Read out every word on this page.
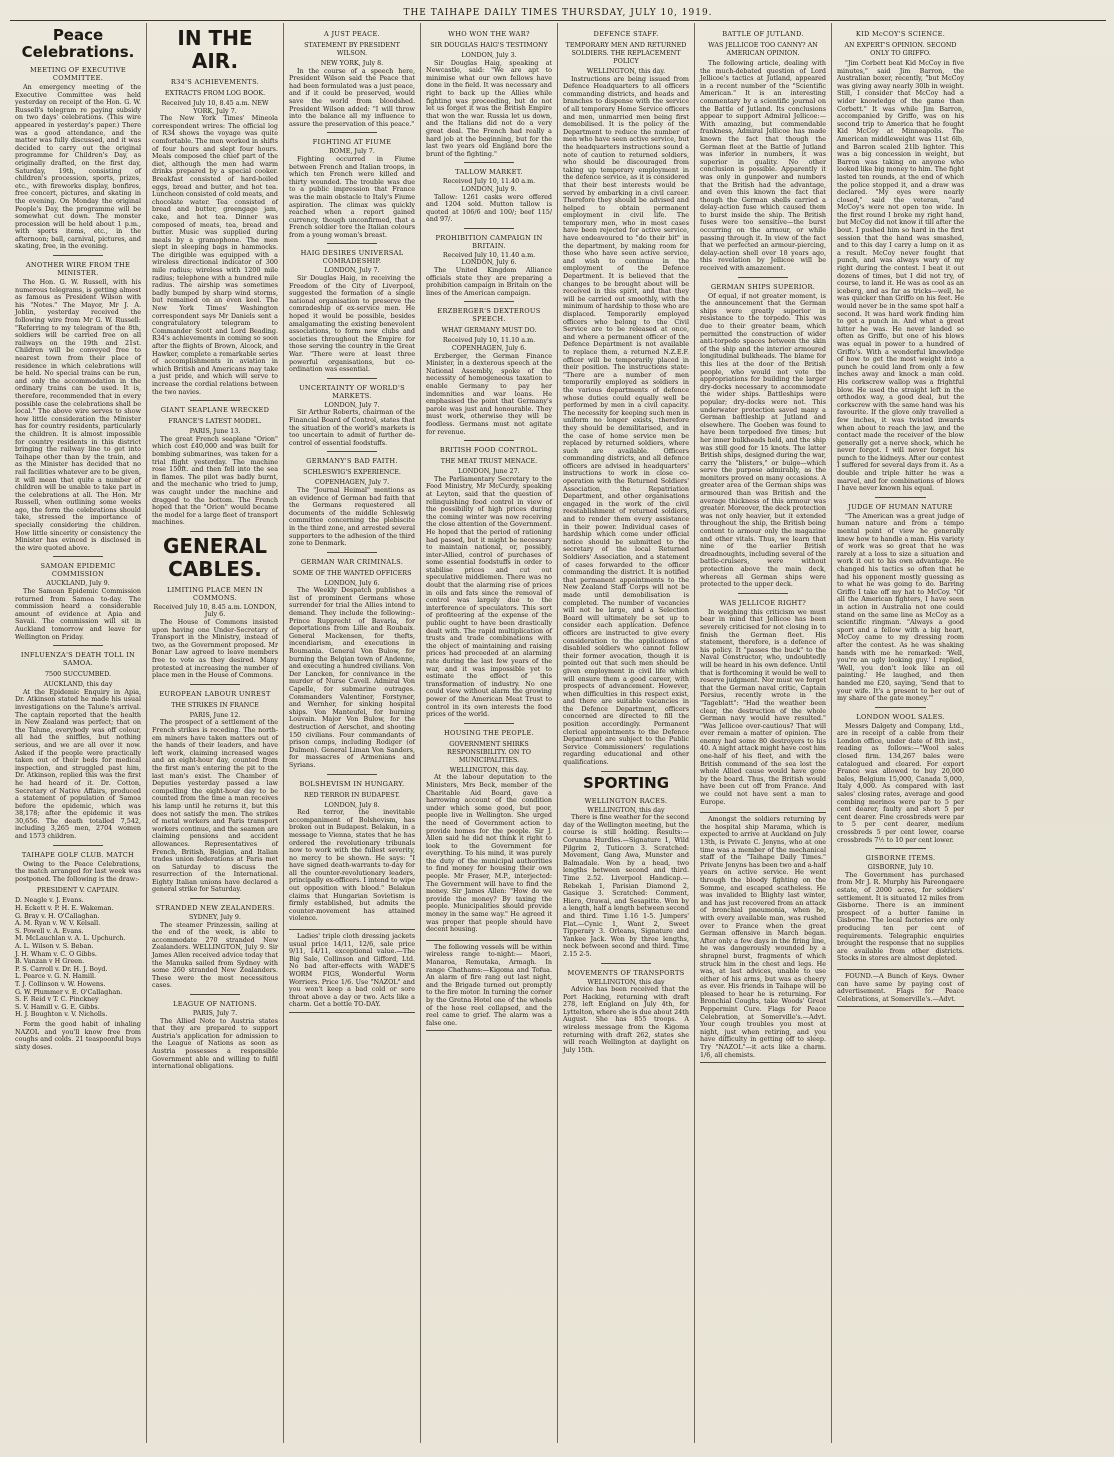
THE TAIHAPE DAILY TIMES THURSDAY, JULY 10, 1919.
Peace Celebrations.
MEETING OF EXECUTIVE COMMITTEE.

An emergency meeting of the Executive Committee was held yesterday on receipt of the Hon. G. W. Russell's telegram re paying subsidy on two days' celebrations. (This wire appeared in yesterday's paper.) There was a good attendance, and the matter was fully discussed, and it was decided to carry out the original programme for Children's Day, as originally drafted, on the first day, Saturday, 19th, consisting of children's procession, sports, prizes, etc., with fireworks display, bonfires, free concert, pictures, and skating in the evening. On Monday the original People's Day, the programme will be somewhat cut down. The monster procession will be held about 1 p.m., with sports items, etc., in the afternoon; ball, carnival, pictures, and skating, free, in the evening.

ANOTHER WIRE FROM THE MINISTER.

The Hon. G. W. Russell, with his numerous telegrams, is getting almost as famous as President Wilson with his "Notes." The Mayor, Mr J. A. Joblin, yesterday received the following wire from Mr G. W. Russell: "Referring to my telegram of the 8th, soldiers will be carried free on all railways on the 19th and 21st. Children will be conveyed free to nearest town from their place of residence in which celebrations will be held. No special trains can be run, and only the accommodation in the ordinary trains can be used. It is, therefore, recommended that in every possible case the celebrations shall be local." The above wire serves to show how little consideration the Minister has for country residents, particularly the children. It is almost impossible for country residents in this district bringing the railway line to get into Taihape other than by the train, and as the Minister has decided that no rail facilities whatever are to be given, it will mean that quite a number of children will be unable to take part in the celebrations at all. The Hon. Mr Russell, when outlining some weeks ago, the form the celebrations should take, stressed the importance of specially considering the children. How little sincerity or consistency the Minister has evinced is disclosed in the wire quoted above.

SAMOAN EPIDEMIC COMMISSION
AUCKLAND, July 9.

The Samoan Epidemic Commission returned from Samoa to-day. The commission heard a considerable amount of evidence at Apia and Savaii. The commission will sit in Auckland tomorrow and leave for Wellington on Friday.

INFLUENZA'S DEATH TOLL IN SAMOA.
7500 SUCCUMBED.
AUCKLAND, this day

At the Epidemic Enquiry in Apia, Dr. Atkinson stated he made his usual investigations on the Talune's arrival. The captain reported that the health in New Zealand was perfect; that on the Talune, everybody was off colour, all had the sniffles, but nothing serious, and we are all over it now. Asked if the people were practically taken out of their beds for medical inspection, and struggled past him, Dr. Atkinson, replied this was the first he had heard of it. Dr. Cotton, Secretary of Native Affairs, produced a statement of population of Samoa before the epidemic, which was 38,178; after the epidemic it was 30,656. The death totalled 7,542, including 3,265 men, 2704 women and 1573 children.

TAIHAPE GOLF CLUB. MATCH

Owing to the Peace Celebrations, the match arranged for last week was postponed. The following is the draw:-

PRESIDENT V. CAPTAIN.
D. Neagle v. J. Evans.
H. Eckett v. P. H. E. Wakeman.
G. Bray v. H. O'Callaghan.
A. M. Ryan v. W. V. Kelsall.
S. Powell v. A. Evans.
M. McLauchlan v. A. L. Upchurch.
A. L. Wilson v. S. Beban.
J. H. Wham v. C. O Gibbs.
B. Vanzan v H Green.
P. S. Carroll v. Dr. H. J. Boyd.
L. Pearce v. G. N. Hamill.
T. J. Collinson v. W. Howens.
G. W. Plummer v. E. O'Callaghan.
S. F. Reid v T. C. Pinckney
S. V. Hamill v. G. E. Gibbs.
H. J. Boughton v. V. Nicholls.

Form the good habit of inhaling NAZOL and you'll know free from coughs and colds. 21 teaspoonful buys sixty doses.

IN THE AIR.
R34'S ACHIEVEMENTS.
EXTRACTS FROM LOG BOOK.
Received July 10, 8.45 a.m. NEW YORK, July 7.

The New York Times' Mineola correspondent wrires: The official log of R34 shows the voyage was quite comfortable. The men worked in shifts of four hours and slept four hours. Meals composed the chief part of the diet, although the men had warm drinks prepared by a special cooker. Breakfast consisted of hard-boiled eggs, bread and butter, and hot tea. Luncheon consisted of cold meats, and chocolate water. Tea consisted of bread and butter, greengage jam, cake, and hot tea. Dinner was composed of meats, tea, bread and butter. Music was supplied during meals by a gramophone. The men slept in sleeping bags in hammocks. The dirigible was equipped with a wireless directional indicator of 300 mile radius; wireless with 1200 mile radius; telephone with a hundred mile radius. The airship was sometimes badly bumped by sharp wind storms, but remained on an even keel. The New York Times' Washington correspondent says Mr Daniels sent a congratulatory telegram to Commander Scott and Lord Beading. R34's achievements in coming so soon after the flights of Brown, Alcock, and Hawker, complete a remarkable series of accomplishments in aviation in which British and Americans may take a just pride, and which will serve to increase the cordial relations between the two navies.

GIANT SEAPLANE WRECKED
FRANCE'S LATEST MODEL.
PARIS, June 13.

The great French seaplane "Orion" which cost £40,000 and was built for bombing submarines, was taken for a trial flight yesterday. The machine rose 150ft. and then fell into the sea in flames. The pilot was badly burnt, and the mechanic who tried to jump, was caught under the machine and dragged to the bottom. The French hoped that the "Orion" would became the model for a large fleet of transport machines.

GENERAL CABLES.
LIMITING PLACE MEN IN COMMONS.
Received July 10, 8.45 a.m. LONDON, July 6.

The House of Commons insisted upon having one Under-Secretary of Transport in the Ministry, instead of two, as the Government proposed. Mr Bonar Law agreed to leave members free to vote as they desired. Many protested at increasing the number of place men in the House of Commons.

EUROPEAN LABOUR UNREST
THE STRIKES IN FRANCE
PARIS, June 12.

The prospect of a settlement of the French strikes is receding. The north-em miners have taken matters out of the hands of their leaders, and have left work, claiming increased wages and an eight-hour day, counted from the first man's entering the pit to the last man's exist. The Chamber of Deputies yesterday passed a law compelling the eight-hour day to be counted from the time a man receives his lamp until he returns it, but this does not satisfy the men. The strikes of metal workers and Paris transport workers continue, and the seamen are claiming pensions and accident allowances. Representatives of French, British, Belgian, and Italian trades union federations at Paris met on Saturday to discuss the resurrection of the International. Eighty Italian unions have declared a general strike for Saturday.

STRANDED NEW ZEALANDERS.
SYDNEY, July 9.

The steamer Prinzessin, sailing at the end of the week, is able to accommodate 270 stranded New Zealanders. WELLINGTON, July 9. Sir James Allen received advice today that the Manuka sailed from Sydney with some 260 stranded New Zealanders. These were the most necessitous cases.

LEAGUE OF NATIONS.
PARIS, July 7.

The Allied Note to Austria states that they are prepared to support Austria's application for admission to the League of Nations as soon as Austria possesses a responsible Government able and willing to fulfil international obligations.

A JUST PEACE.
STATEMENT BY PRESIDENT WILSON.
NEW YORK, July 8.

In the course of a speech here, President Wilson said the Peace that had been formulated was a just peace, and if it could be preserved, would save the world from bloodshed. President Wilson added: "I will throw into the balance all my influence to assure the preservation of this peace."

FIGHTING AT FIUME
ROME, July 7.

Fighting occurred in Fiume between French and Italian troops, in which ten French were killed and thirty wounded. The trouble was due to a public impression that France was the main obstacle to Italy's Fiume aspiration. The climax was quickly reached when a report gained currency, though unconfirmed, that a French soldier tore the Italian colours from a young woman's breast.

HAIG DESIRES UNIVERSAL COMRADESHIP.
LONDON, July 7.

Sir Douglas Haig, in receiving the Freedom of the City of Liverpool, suggested the formation of a single national organisation to preserve the comradeship of ex-service men. He hoped it would be possible, besides amalgamating the existing benevolent associations, to form new clubs and societies throughout the Empire for those serving the country in the Great War. "There were at least three powerful organisations, but co-ordination was essential.

UNCERTAINTY OF WORLD'S MARKETS.
LONDON, July 7.

Sir Arthur Roberts, chairman of the Financial Board of Control, states that the situation of the world's markets is too uncertain to admit of further de-control of essential foodstuffs.

GERMANY'S BAD FAITH.
SCHLESWIG'S EXPERIENCE.
COPENHAGEN, July 7.

The "Journal Heimal" mentions as an evidence of German bad faith that the Germans requestered all documents of the middle Schleswig committee concerning the plebiscite in the third zone, and arrested several supporters to the adhesion of the third zone to Denmark.

GERMAN WAR CRIMINALS.
SOME OF THE WANTED OFFICERS
LONDON, July 6.

The Weekly Despatch publishes a list of prominent Germans whose surrender for trial the Allies intend to demand. They include the following:- Prince Rupprecht of Bavaria, for deportations from Lille and Roubaix. General Mackensen, for thefts, incendiarism, and executions in Roumania. General Von Bulow, for burning the Belgian town of Andenne, and executing a hundred civilians. Von Der Lancken, for connivance in the murder of Nurse Cavell. Admiral Von Capelle, for submarine outrages. Commanders Valentiner, Forstyner, and Wernher, for sinking hospital ships. Von Manteufel, for burning Louvain. Major Von Bulow, for the destruction of Aerschot, and shooting 150 civilians. Four commandants of prison camps, including Rodiger (of Dulmen). General Liman Von Sanders, for massacres of Armenians and Syrians.

BOLSHEVISM IN HUNGARY.
RED TERROR IN BUDAPEST.
LONDON, July 8.

Red terror, the inevitable accompaniment of Bolshevism, has broken out in Budapest. Belakun, in a message to Vienna, states that he has ordered the revolutionary tribunals now to work with the fullest severity, no mercy to be shown. He says: "I have signed death-warrants to-day for all the counter-revolutionary leaders, principally ex-officers. I intend to wipe out opposition with blood." Belakun claims that Hungarian Sovietism is firmly established, but admits the counter-movement has attained violence.

Ladies' triple cloth dressing jackets usual price 14/11, 12/6, sale price 9/11, 14/11, exceptional value.—The Big Sale, Collinson and Gifford, Ltd. No bad after-effects with WADE'S WORM FIGS, Wonderful Worm Worriers. Price 1/6. Use "NAZOL" and you won't keep a bad cold or sore throat above a day or two. Acts like a charm. Get a bottle TO-DAY.

WHO WON THE WAR?
SIR DOUGLAS HAIG'S TESTIMONY
LONDON, July 3.

Sir Douglas Haig, speaking at Newcastle, said: "We are apt to minimise what our own fellows have done in the field. It was necessary and right to back up the Allies while fighting was proceeding, but do not let us forget it was the British Empire that won the war. Russia let us down, and the Italians did not do a very great deal. The French had really a hard job at the beginning, but for the last two years old England bore the brunt of the fighting."

TALLOW MARKET.
Received July 10, 11.40 a.m. LONDON, July 9.

Tallow: 1261 casks were offered and 1204 sold. Mutton tallow is quoted at 106/6 and 100/; beef 115/ and 97/.

PROHIBITION CAMPAIGN IN BRITAIN.
Received July 10, 11.40 a.m. LONDON, July 6.

The United Kingdom Alliance officials state they are preparing a prohibition campaign in Britain on the lines of the American campaign.

ERZBERGER'S DEXTEROUS SPEECH.
WHAT GERMANY MUST DO.
Received July 10, 11.10 a.m. COPENHAGEN, July 6.

Erzberger, the German Finance Minister, in a dexterous speech at the National Assembly, spoke of the necessity of homogeneous taxation to enable Germany to pay her indemnities and war loans. He emphasised the point that Germany's parole was just and honourable. They must work, otherwise they will be foodless. Germans must not agitate for revenue.

BRITISH FOOD CONTROL.
THE MEAT TRUST MENACE.
LONDON, June 27.

The Parliamentary Secretary to the Food Ministry, Mr McCurdy, speaking at Leyton, said that the question of relinquishing food control in view of the possibility of high prices during the coming winter was now receiving the close attention of the Government. He hoped that the period of rationing had passed, but it might be necessary to maintain national, or, possibly, inter-Allied, control of purchases of some essential foodstuffs in order to stabilise prices and cut out speculative middlemen. There was no doubt that the alarming rise of prices in oils and fats since the removal of control was largely due to the interference of speculators. This sort of profiteering at the expense of the public ought to have been drastically dealt with. The rapid multiplication of trusts and trade combinations with the object of maintaining and raising prices had proceeded at an alarming rate during the last few years of the war, and it was impossible yet to estimate the effect of this transformation of industry. No one could view without alarm the growing power of the American Meat Trust to control in its own interests the food prices of the world.

HOUSING THE PEOPLE.
GOVERNMENT SHIRKS RESPONSIBILITY. ON TO MUNICIPALITIES.
WELLINGTON, this day.

At the labour deputation to the Ministers, Mrs Beck, member of the Charitable Aid Board, gave a harrowing account of the condition under which some good, but poor, people live in Wellington. She urged the need of Government action to provide homes for the people. Sir J. Allen said he did not think it right to look to the Government for everything. To his mind, it was purely the duty of the municipal authorities to find money for housing their own people. Mr Fraser, M.P., interjected: The Government will have to find the money. Sir James Allen: "How do we provide the money? By taxing the people. Municipalities should provide money in the same way." He agreed it was proper that people should have decent housing.

The following vessels will be within wireless range to-night:— Maori, Manaroa, Remutaka, Armagh. In range Chathams:—Kigoma and Tofua. An alarm of fire rang out last night, and the Brigade turned out promptly to the fire motor. In turning the corner by the Gretna Hotel one of the wheels of the hose reel collapsed, and the reel came to grief. The alarm was a false one.

DEFENCE STAFF.
TEMPORARY MEN AND RETURNED SOLDIERS. THE REPLACEMENT POLICY
WELLINGTON, this day.

Instructions are being issued from Defence Headquarters to all officers commanding districts, and heads and branches to dispense with the service of all temporary Home Service officers and men, unmarried men being first demobilised. It is the policy of the Department to reduce the number of men who have seen active service, but the headquarters instructions sound a note of caution to returned soldiers, who should be discouraged from taking up temporary employment in the defence service, as it is considered that their best interests would be served by embarking in a civil career. Therefore they should be advised and helped to obtain permanent employment in civil life. The temporary men, who in most cases have been rejected for active service, have endeavoured to "do their bit" in the department, by making room for those who have seen active service, and wish to continue in the employment of the Defence Department. It is believed that the changes to be brought about will be received in this spirit, and that they will be carried out smoothly, with the minimum of hardship to those who are displaced. Temporarily employed officers who belong to the Civil Service are to be released at once, and where a permanent officer of the Defence Department is not available to replace them, a returned N.Z.E.F. officer will be temporarily placed in their position. The instructions state: "There are a number of men temporarily employed as soldiers in the various departments of defence whose duties could equally well be performed by men in a civil capacity. The necessity for keeping such men in uniform no longer exists, therefore they should be demilitarised, and in the case of home service men be replaced by returned soldiers, where such are available. Officers commanding districts, and all defence officers are advised in headquarters' instructions to work in close co-operation with the Returned Soldiers' Association, the Repatriation Department, and other organisations engaged in the work of the civil reestablishment of returned soldiers, and to render them every assistance in their power. Individual cases of hardship which come under official notice should be submitted to the secretary of the local Returned Soldiers' Association, and a statement of cases forwarded to the officer commanding the district. It is notified that permanent appointments to the New Zealand Staff Corps will not be made until demobilisation is completed. The number of vacancies will not be large, and a Selection Board will ultimately be set up to consider each application. Defence officers are instructed to give every consideration to the applications of disabled soldiers who cannot follow their former avocation, though it is pointed out that such men should be given employment in civil life which will ensure them a good career, with prospects of advancement. However, when difficulties in this respect exist, and there are suitable vacancies in the Defence Department, officers concerned are directed to fill the position accordingly. Permanent clerical appointments to the Defence Department are subject to the Public Service Commissioners' regulations regarding educational and other qualifications.

SPORTING
WELLINGTON RACES.
WELLINGTON, this day

There is fine weather for the second day of the Wellington meeting, but the course is still holding. Results:— Corunna Hurdles.—Signature 1, Wild Pilgrim 2, Tuticorn 3. Scratched: Movement, Gang Awa, Munster and Balmadale. Won by a head, two lengths between second and third. Time 2.52. Liverpool Handicap.—Rebekah 1, Parisian Diamond 2, Gasique 3. Scratched: Comment, Hiero, Orawai, and Sesapitte. Won by a length, half a length between second and third. Time 1.16 1-5. Jumpers' Flat.—Cynic 1, Want 2, Sweet Tipperary 3. Orleans, Signature and Yankee Jack. Won by three lengths, neck between second and third. Time 2.15 2-5.

MOVEMENTS OF TRANSPORTS
WELLINGTON, this day

Advice has been received that the Port Hacking, returning with draft 278, left England on July 4th, for Lyttelton, where she is due about 24th August. She has 855 troops. A wireless message from the Kigoma returning with draft 262, states she will reach Wellington at daylight on July 15th.

BATTLE OF JUTLAND.
WAS JELLICOE TOO CANNY? AN AMERICAN OPINION.

The following article, dealing with the much-debated question of Lord Jellicoe's tactics at Jutland, appeared in a recent number of the "Scientific American." It is an interesting commentary by a scientific journal on the Battle of Jutland. Its conclusions appear to support Admiral Jellicoe:— With amazing, but commendable frankness, Admiral Jellicoe has made known the fact that though the German fleet at the Battle of Jutland was inferior in numbers, it was superior in quality. No other conclusion is possible. Apparently it was only in gunpower and numbers that the British had the advantage, and even this known the fact that though the German shells carried a delay-action fuse which caused them to burst inside the ship. The British fuses were too sensitive—the burst occurring on the armour, or while passing through it. In view of the fact that we perfected an armour-piercing, delay-action shell over 18 years ago, this revelation by Jellicoe will be received with amazement.

GERMAN SHIPS SUPERIOR.

Of equal, if not greater moment, is the announcement that the German ships were greatly superior in resistance to the torpedo. This was due to their greater beam, which permitted the construction of wider anti-torpedo spaces between the skin of the ship and the interior armoured longitudinal bulkheads. The blame for this lies at the door of the British people, who would not vote the appropriations for building the larger dry-docks necessary to accommodate the wider ships. Battleships were popular; dry-docks were not. This underwater protection saved many a German battleship at Jutland and elsewhere. The Goeben was found to have been torpedoed five times; but her inner bulkheads held, and the ship was still good for 15 knots. The latter British ships, designed during the war, carry the "blisters," or bulge—which serve the purpose admirably, as the monitors proved on many occasions. A greater area of the German ships was armoured than was British and the average thickness of this armour was greater. Moreover, the deck protection was not only heavier, but it extended throughout the ship, the British being content to armour only the magazine and other vitals. Thus, we learn that nine of the earlier British dreadnoughts, including several of the battle-cruisers, were without protection above the main deck, whereas all German ships were protected to the upper deck.

WAS JELLICOE RIGHT?

In weighing this criticism we must bear in mind that Jellicoe has been severely criticised for not closing in to finish the German fleet. His statement, therefore, is a defence of his policy. It "passes the buck" to the Naval Constructor, who, undoubtedly will be heard in his own defence. Until that is forthcoming it would be well to reserve judgment. Nor must we forget that the German naval critic, Captain Persius, recently wrote in the "Tageblatt": "Had the weather been clear, the destruction of the whole German navy would have resulted." "Was Jellicoe over-cautious? That will ever remain a matter of opinion. The enemy had some 80 destroyers to his 40. A night attack might have cost him one-half of his fleet, and with the British command of the sea lost the whole Allied cause would have gone by the board. Thus, the British would have been cut off from France. And we could not have sent a man to Europe.

Amongst the soldiers returning by the hospital ship Marama, which is expected to arrive at Auckland on July 13th, is Private C. Jenyns, who at one time was a member of the mechanical staff of the "Taihape Daily Times." Private Jenyns has been two and a-half years on active service. He went through the bloody fighting on the Somme, and escaped scatheless. He was invalided to Blighty last winter, and has just recovered from an attack of bronchial pneumonia, when he, with every available man, was rushed over to France when the great German offensive in March began. After only a few days in the firing line, he was dangerously wounded by a shrapnel burst, fragments of which struck him in the chest and legs. He was, at last advices, unable to use either of his arms, but was as cheery as ever. His friends in Taihape will be pleased to hear he is returning. For Bronchial Coughs, take Woods' Great Peppermint Cure. Flags for Peace Celebration, at Somerville's.—Advt. Your cough troubles you most at night, just when retiring, and you have difficulty in getting off to sleep. Try "NAZOL"—it acts like a charm. 1/6, all chemists.

KID McCOY'S SCIENCE.
AN EXPERT'S OPINION. SECOND ONLY TO GRIFFO.

"Jim Corbett beat Kid McCoy in five minutes," said Jim Barron, the Australian boxer, recently, "but McCoy was giving away nearly 30lb in weight. Still, I consider that McCoy had a wider knowledge of the game than Corbett." It was while Jim Barron, accompanied by Griffo, was on his second trip to America that he fought Kid McCoy at Minneapolis. The American middleweight was 11st 6lb, and Barron scaled 21lb lighter. This was a big concession in weight, but Barron was taking on anyone who looked like big money to him. The fight lasted ten rounds, at the end of which the police stopped it, and a draw was declared. "My eyes were nearly closed," said the veteran, "and McCoy's were not open too wide. In the first round I broke my right hand, but McCoy did not know it till after the bout. I pushed him so hard in the first session that the hand was smashed, and to this day I carry a lump on it as a result. McCoy never fought that punch, and was always wary of my right during the contest. I beat it out dozens of times, but I did not try, of course, to land it. He was as cool as an iceberg, and as far as tricks—well, he was quicker than Griffo on his feet. He would never be in the same spot half a second. It was hard work finding him to get a punch in. And what a great hitter he was. He never landed so often as Griffo, but one of his blows was equal in power to a hundred of Griffo's. With a wonderful knowledge of how to get the most weight into a punch he could land from only a few inches away and knock a man cold. His corkscrew wallop was a frightful blow. He used the straight left in the orthodox way, a good deal, but the corkscrew with the same hand was his favourite. If the glove only travelled a few inches, it was twisted inwards when about to reach the jaw, and the contact made the receiver of the blow generally get a nerve shock, which he never forgot. I will never forget his punch to the kidneys. After our contest I suffered for several days from it. As a double and triple hitter he was a marvel, and for combinations of blows I have never known his equal.

JUDGE OF HUMAN NATURE

"The American was a great judge of human nature and from a tempo mental point of view he generally knew how to handle a man. His variety of work was so great that he was rarely at a loss to size a situation and work it out to his own advantage. He changed his tactics so often that he had his opponent mostly guessing as to what he was going to do. Barring Griffo I take off my hat to McCoy. "Of all the American fighters, I have seen in action in Australia not one could stand on the same line as McCoy as a scientific ringman. "Always a good sport and a fellow with a big heart, McCoy came to my dressing room after the contest. As he was shaking hands with me he remarked: 'Well, you're an ugly looking guy.' I replied, 'Well, you don't look like an oil painting.' He laughed, and then handed me £20, saying, 'Send that to your wife. It's a present to her out of my share of the gate money.'"

LONDON WOOL SALES.

Messrs Dalgety and Company, Ltd., are in receipt of a cable from their London office, under date of 8th inst., reading as follows:—"Wool sales closed firm. 134,267 bales were catalogued and cleared. For export France was allowed to buy 20,000 bales, Belgium 15,000, Canada 5,000, Italy 4,000. As compared with last sales' closing rates, average and good combing merinos were par to 5 per cent dearer, faulty and short 5 per cent dearer. Fine crossbreds were par to 5 per cent dearer, medium crossbreds 5 per cent lower, coarse crossbreds 7½ to 10 per cent lower.

GISBORNE ITEMS.
GISBORNE, July 10.

The Government has purchased from Mr J. R. Murphy his Pareongaere estate, of 2000 acres, for soldiers' settlement. It is situated 12 miles from Gisborne. There is an imminent prospect of a butter famine in Gisborne. The local factories are only producing ten per cent of requirements. Telegraphic enquiries brought the response that no supplies are available from other districts. Stocks in stores are almost depleted.

FOUND.—A Bunch of Keys. Owner can have same by paying cost of advertisement. Flags for Peace Celebrations, at Somerville's.—Advt.
